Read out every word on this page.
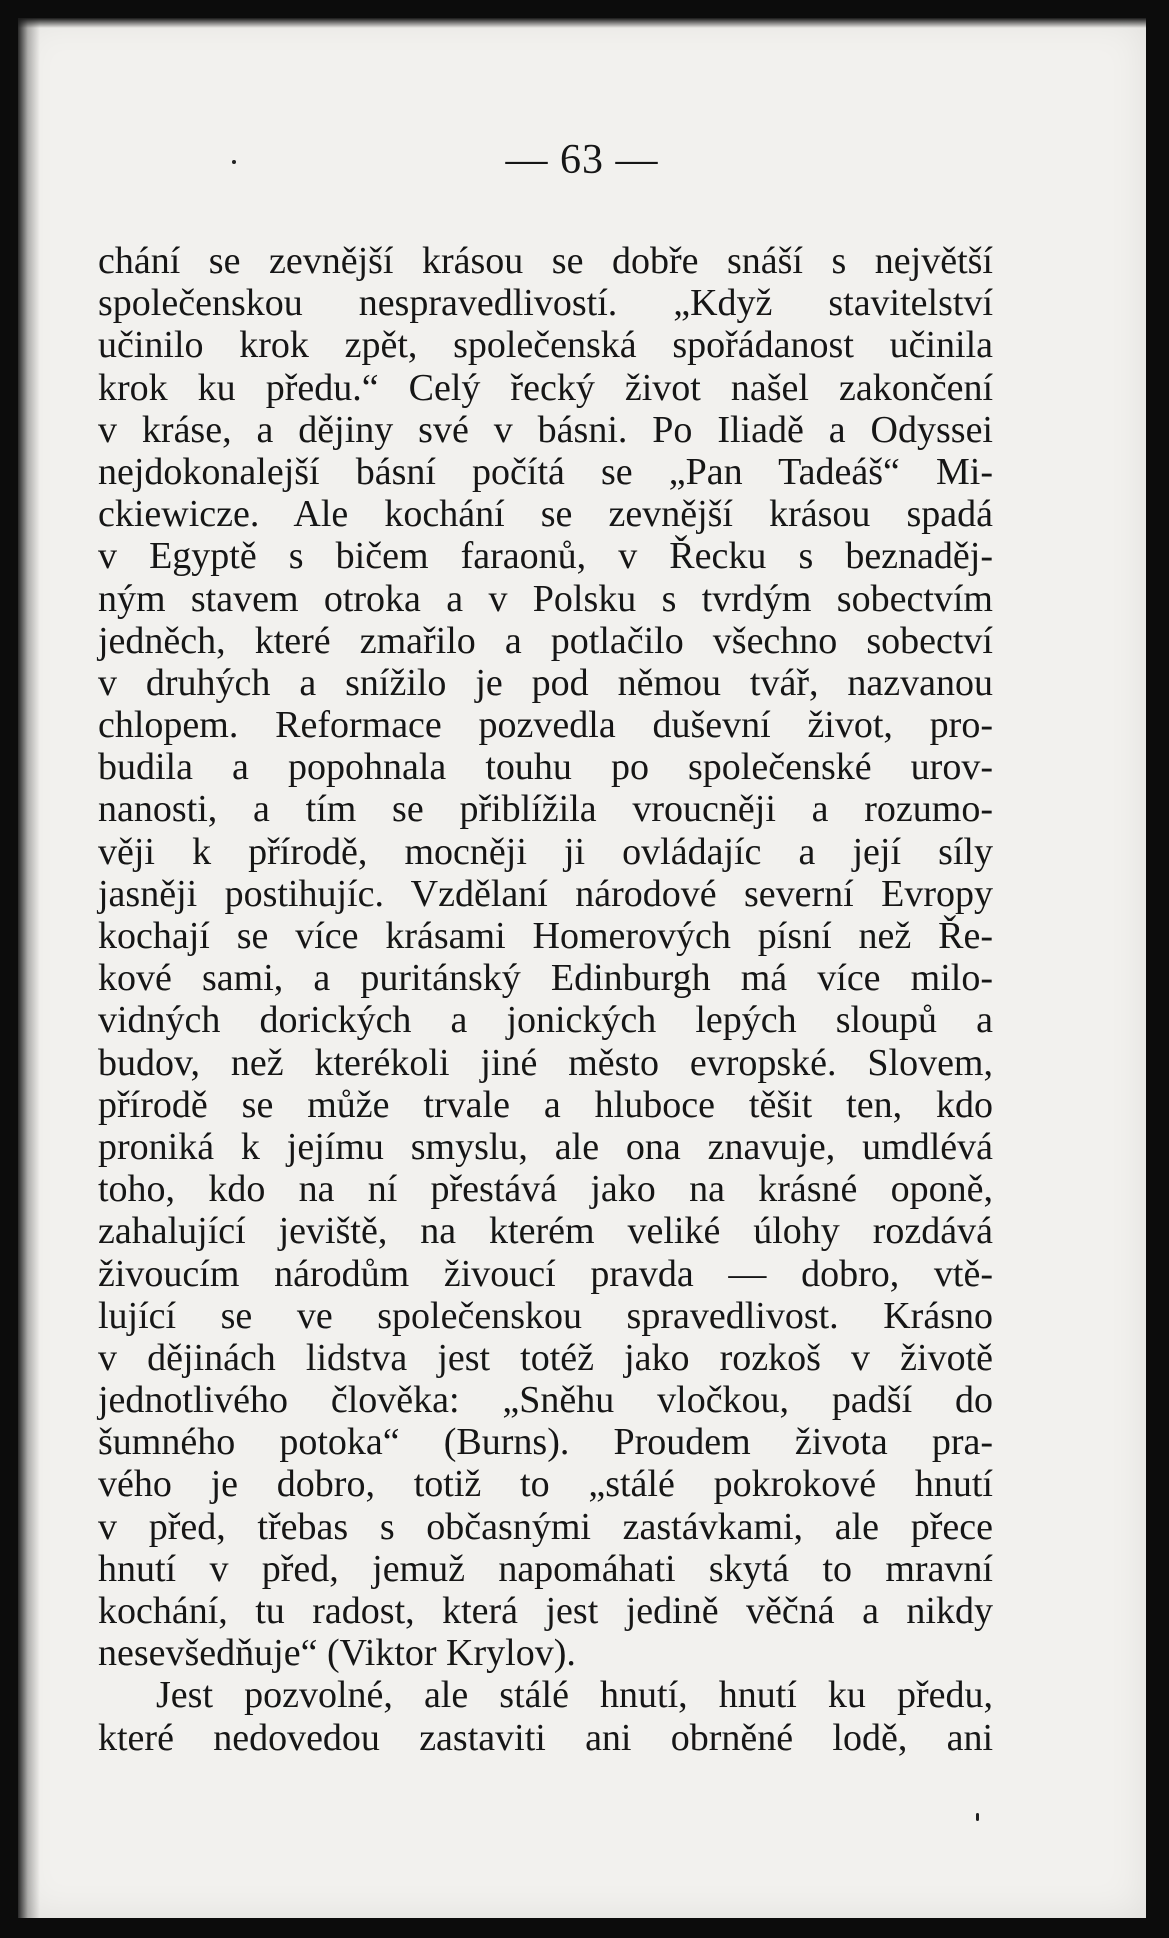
— 63 —
chání se zevnější krásou se dobře snáší s největší
společenskou nespravedlivostí. „Když stavitelství
učinilo krok zpět, společenská spořádanost učinila
krok ku předu.“ Celý řecký život našel zakončení
v kráse, a dějiny své v básni. Po Iliadě a Odyssei
nejdokonalejší básní počítá se „Pan Tadeáš“ Mi-
ckiewicze. Ale kochání se zevnější krásou spadá
v Egyptě s bičem faraonů, v Řecku s beznaděj-
ným stavem otroka a v Polsku s tvrdým sobectvím
jedněch, které zmařilo a potlačilo všechno sobectví
v druhých a snížilo je pod němou tvář, nazvanou
chlopem. Reformace pozvedla duševní život, pro-
budila a popohnala touhu po společenské urov-
nanosti, a tím se přiblížila vroucněji a rozumo-
věji k přírodě, mocněji ji ovládajíc a její síly
jasněji postihujíc. Vzdělaní národové severní Evropy
kochají se více krásami Homerových písní než Ře-
kové sami, a puritánský Edinburgh má více milo-
vidných dorických a jonických lepých sloupů a
budov, než kterékoli jiné město evropské. Slovem,
přírodě se může trvale a hluboce těšit ten, kdo
proniká k jejímu smyslu, ale ona znavuje, umdlévá
toho, kdo na ní přestává jako na krásné oponě,
zahalující jeviště, na kterém veliké úlohy rozdává
živoucím národům živoucí pravda — dobro, vtě-
lující se ve společenskou spravedlivost. Krásno
v dějinách lidstva jest totéž jako rozkoš v životě
jednotlivého člověka: „Sněhu vločkou, padší do
šumného potoka“ (Burns). Proudem života pra-
vého je dobro, totiž to „stálé pokrokové hnutí
v před, třebas s občasnými zastávkami, ale přece
hnutí v před, jemuž napomáhati skytá to mravní
kochání, tu radost, která jest jedině věčná a nikdy
nesevšedňuje“ (Viktor Krylov).
Jest pozvolné, ale stálé hnutí, hnutí ku předu,
které nedovedou zastaviti ani obrněné lodě, ani
